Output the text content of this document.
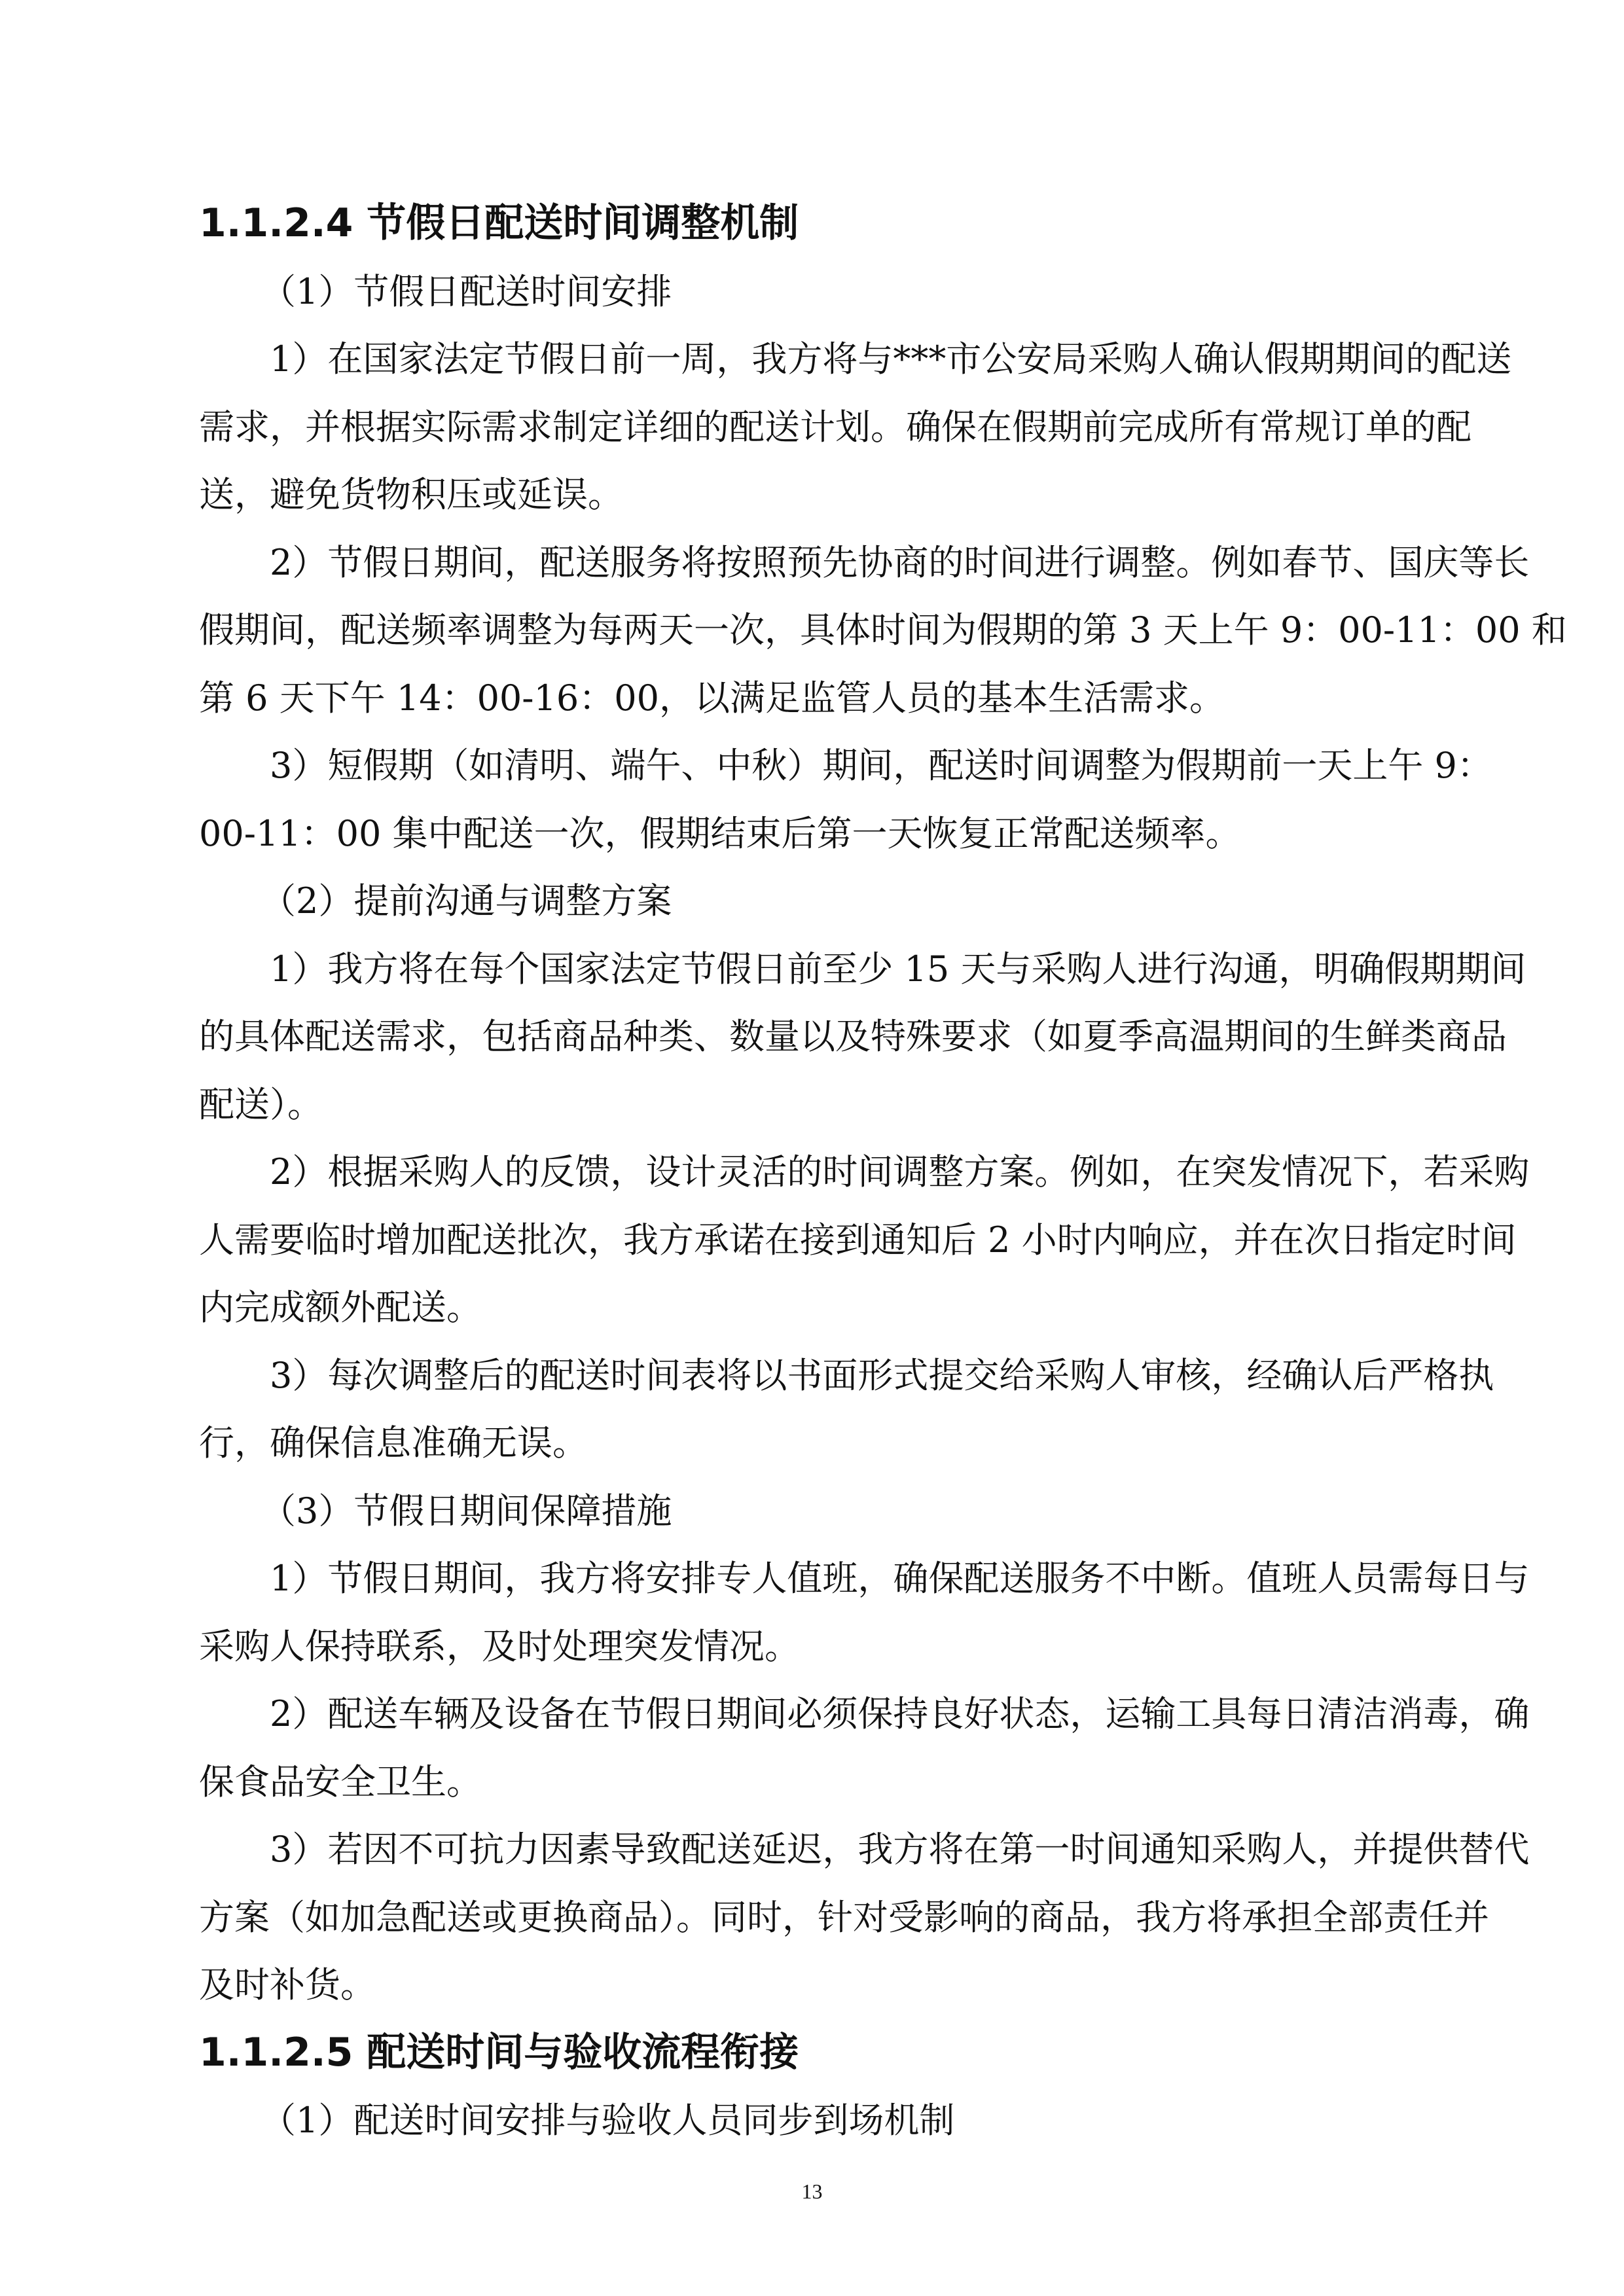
1.1.2.4 节假日配送时间调整机制
（1）节假日配送时间安排
1）在国家法定节假日前一周，我方将与***市公安局采购人确认假期期间的配送
需求，并根据实际需求制定详细的配送计划。确保在假期前完成所有常规订单的配
送，避免货物积压或延误。
2）节假日期间，配送服务将按照预先协商的时间进行调整。例如春节、国庆等长
假期间，配送频率调整为每两天一次，具体时间为假期的第 3 天上午 9：00-11：00 和
第 6 天下午 14：00-16：00，以满足监管人员的基本生活需求。
3）短假期（如清明、端午、中秋）期间，配送时间调整为假期前一天上午 9：
00-11：00 集中配送一次，假期结束后第一天恢复正常配送频率。
（2）提前沟通与调整方案
1）我方将在每个国家法定节假日前至少 15 天与采购人进行沟通，明确假期期间
的具体配送需求，包括商品种类、数量以及特殊要求（如夏季高温期间的生鲜类商品
配送）。
2）根据采购人的反馈，设计灵活的时间调整方案。例如，在突发情况下，若采购
人需要临时增加配送批次，我方承诺在接到通知后 2 小时内响应，并在次日指定时间
内完成额外配送。
3）每次调整后的配送时间表将以书面形式提交给采购人审核，经确认后严格执
行，确保信息准确无误。
（3）节假日期间保障措施
1）节假日期间，我方将安排专人值班，确保配送服务不中断。值班人员需每日与
采购人保持联系，及时处理突发情况。
2）配送车辆及设备在节假日期间必须保持良好状态，运输工具每日清洁消毒，确
保食品安全卫生。
3）若因不可抗力因素导致配送延迟，我方将在第一时间通知采购人，并提供替代
方案（如加急配送或更换商品）。同时，针对受影响的商品，我方将承担全部责任并
及时补货。
1.1.2.5 配送时间与验收流程衔接
（1）配送时间安排与验收人员同步到场机制
13
